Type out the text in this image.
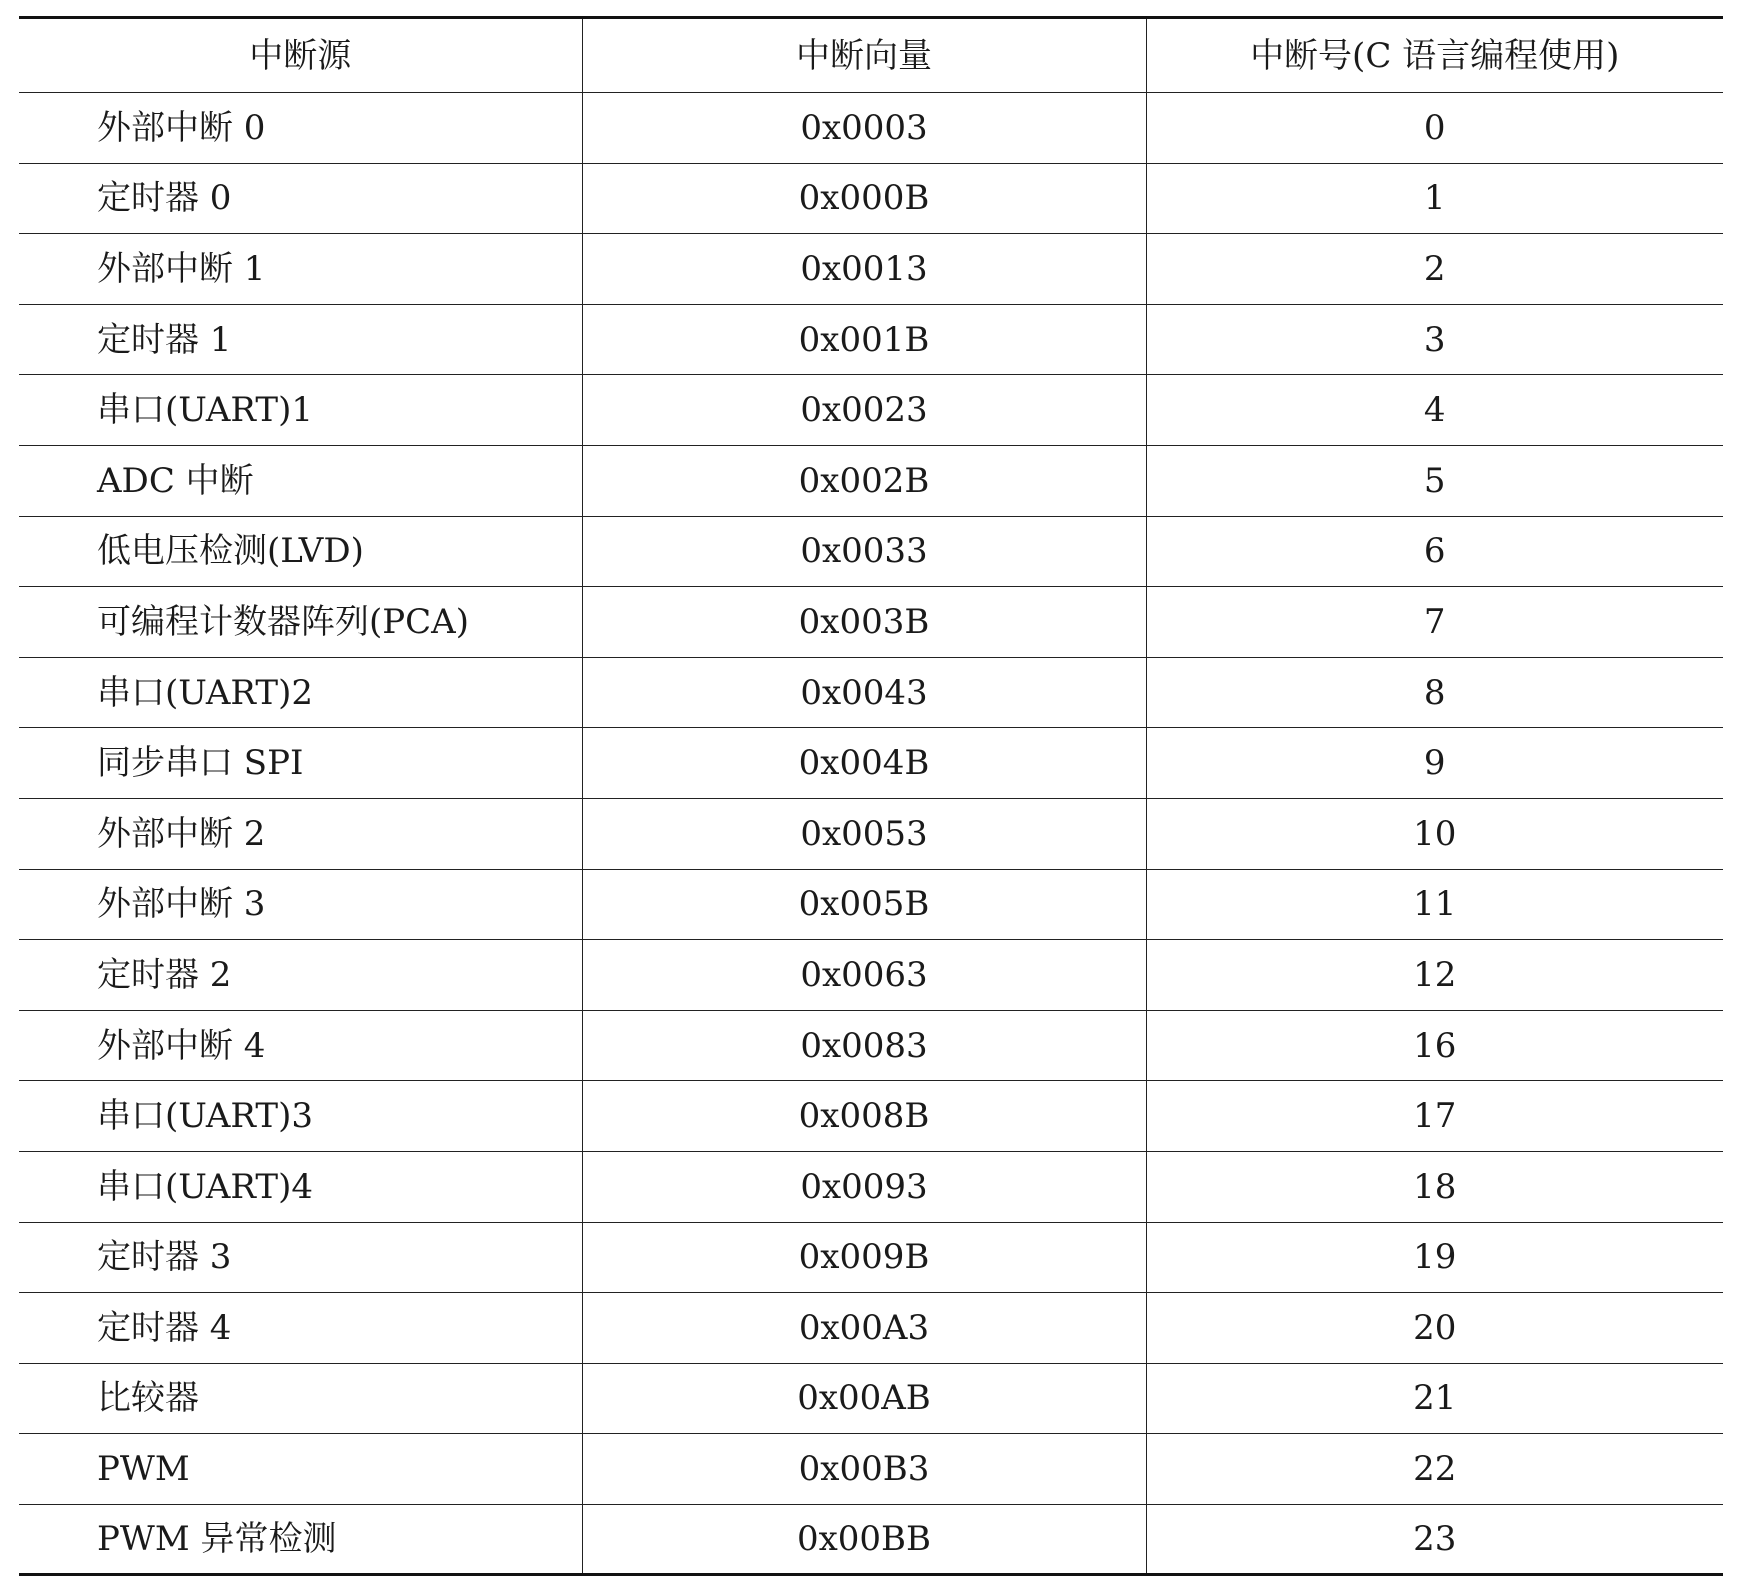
中断源	中断向量	中断号(C 语言编程使用)
外部中断 0	0x0003	0
定时器 0	0x000B	1
外部中断 1	0x0013	2
定时器 1	0x001B	3
串口(UART)1	0x0023	4
ADC 中断	0x002B	5
低电压检测(LVD)	0x0033	6
可编程计数器阵列(PCA)	0x003B	7
串口(UART)2	0x0043	8
同步串口 SPI	0x004B	9
外部中断 2	0x0053	10
外部中断 3	0x005B	11
定时器 2	0x0063	12
外部中断 4	0x0083	16
串口(UART)3	0x008B	17
串口(UART)4	0x0093	18
定时器 3	0x009B	19
定时器 4	0x00A3	20
比较器	0x00AB	21
PWM	0x00B3	22
PWM 异常检测	0x00BB	23
